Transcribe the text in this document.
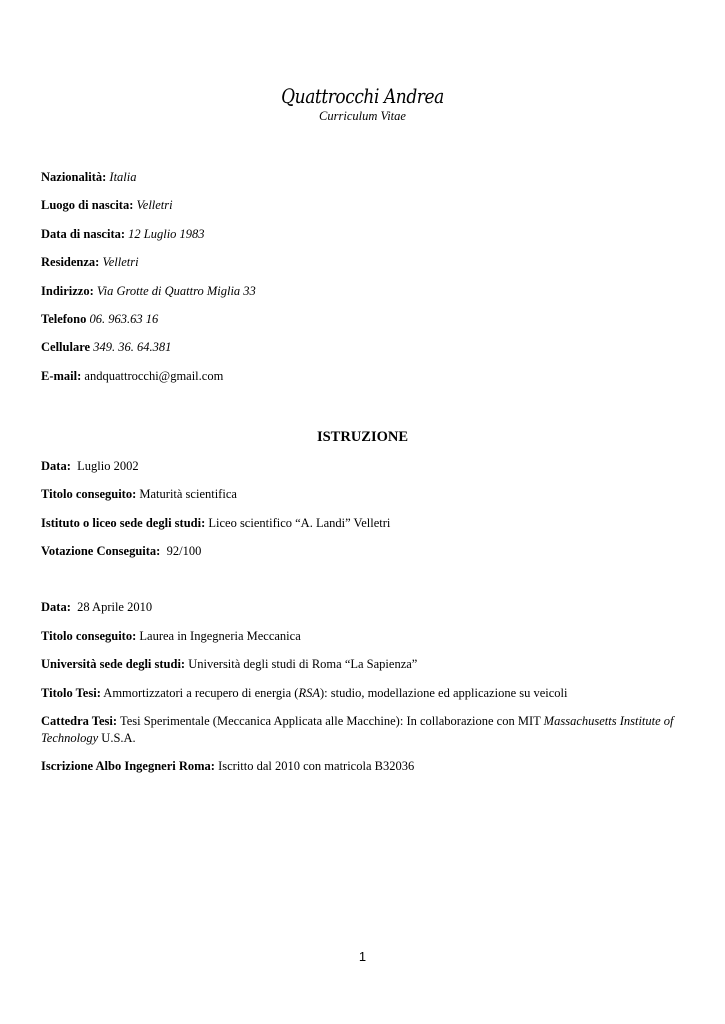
Quattrocchi Andrea
Curriculum Vitae
Nazionalità: Italia
Luogo di nascita: Velletri
Data di nascita: 12 Luglio 1983
Residenza: Velletri
Indirizzo: Via Grotte di Quattro Miglia 33
Telefono 06. 963.63 16
Cellulare 349. 36. 64.381
E-mail: andquattrocchi@gmail.com
ISTRUZIONE
Data: Luglio 2002
Titolo conseguito: Maturità scientifica
Istituto o liceo sede degli studi: Liceo scientifico “A. Landi” Velletri
Votazione Conseguita: 92/100
Data: 28 Aprile 2010
Titolo conseguito: Laurea in Ingegneria Meccanica
Università sede degli studi: Università degli studi di Roma “La Sapienza”
Titolo Tesi: Ammortizzatori a recupero di energia (RSA): studio, modellazione ed applicazione su veicoli
Cattedra Tesi: Tesi Sperimentale (Meccanica Applicata alle Macchine): In collaborazione con MIT Massachusetts Institute of Technology U.S.A.
Iscrizione Albo Ingegneri Roma: Iscritto dal 2010 con matricola B32036
1
